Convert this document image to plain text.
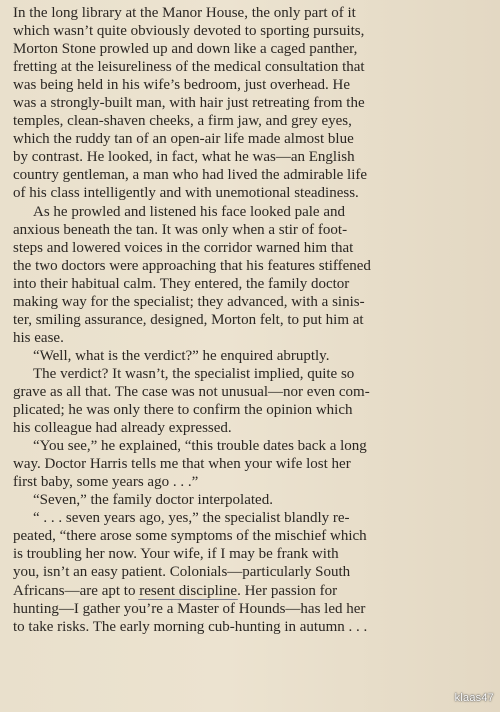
In the long library at the Manor House, the only part of it
which wasn’t quite obviously devoted to sporting pursuits,
Morton Stone prowled up and down like a caged panther,
fretting at the leisureliness of the medical consultation that
was being held in his wife’s bedroom, just overhead. He
was a strongly-built man, with hair just retreating from the
temples, clean-shaven cheeks, a firm jaw, and grey eyes,
which the ruddy tan of an open-air life made almost blue
by contrast. He looked, in fact, what he was—an English
country gentleman, a man who had lived the admirable life
of his class intelligently and with unemotional steadiness.
As he prowled and listened his face looked pale and
anxious beneath the tan. It was only when a stir of foot-
steps and lowered voices in the corridor warned him that
the two doctors were approaching that his features stiffened
into their habitual calm. They entered, the family doctor
making way for the specialist; they advanced, with a sinis-
ter, smiling assurance, designed, Morton felt, to put him at
his ease.
“Well, what is the verdict?” he enquired abruptly.
The verdict? It wasn’t, the specialist implied, quite so
grave as all that. The case was not unusual—nor even com-
plicated; he was only there to confirm the opinion which
his colleague had already expressed.
“You see,” he explained, “this trouble dates back a long
way. Doctor Harris tells me that when your wife lost her
first baby, some years ago . . .”
“Seven,” the family doctor interpolated.
“ . . . seven years ago, yes,” the specialist blandly re-
peated, “there arose some symptoms of the mischief which
is troubling her now. Your wife, if I may be frank with
you, isn’t an easy patient. Colonials—particularly South
Africans—are apt to resent discipline. Her passion for
hunting—I gather you’re a Master of Hounds—has led her
to take risks. The early morning cub-hunting in autumn . . .
klaas47
